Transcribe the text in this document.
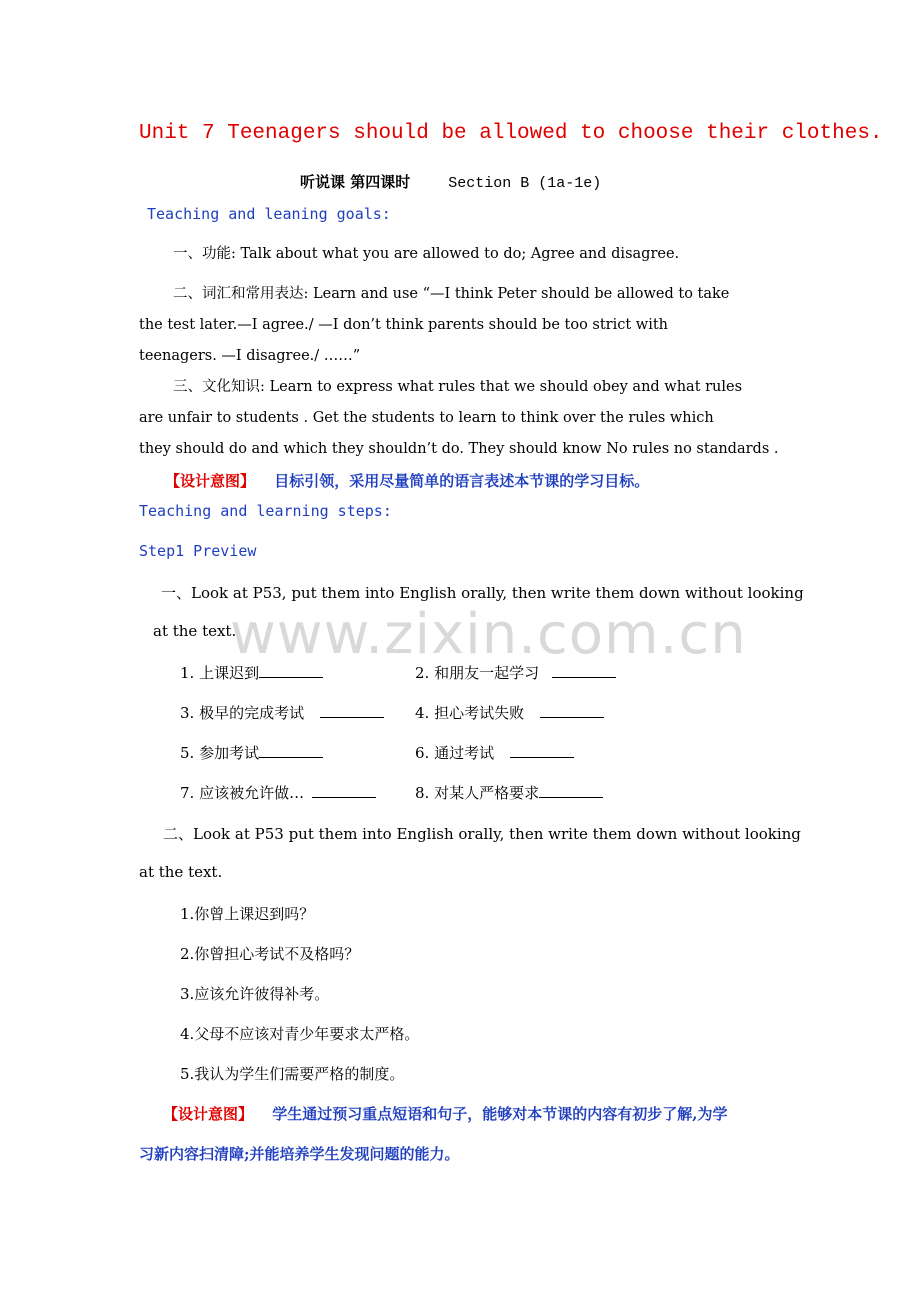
Unit 7 Teenagers should be allowed to choose their clothes.
听说课 第四课时	Section B (1a-1e)
Teaching and leaning goals:
一、功能: Talk about what you are allowed to do; Agree and disagree.
二、词汇和常用表达: Learn and use “—I think Peter should be allowed to take
the test later.—I agree./ —I don’t think parents should be too strict with
teenagers. —I disagree./ ……”
三、文化知识: Learn to express what rules that we should obey and what rules
are unfair to students . Get the students to learn to think over the rules which
they should do and which they shouldn’t do. They should know No rules no standards .
【设计意图】 目标引领，采用尽量简单的语言表述本节课的学习目标。
Teaching and learning steps:
Step1 Preview
一、Look at P53, put them into English orally, then write them down without looking
at the text.
1. 上课迟到	2. 和朋友一起学习
3. 极早的完成考试	4. 担心考试失败
5. 参加考试	6. 通过考试
7. 应该被允许做…	8. 对某人严格要求
二、Look at P53 put them into English orally, then write them down without looking
at the text.
1.你曾上课迟到吗？
2.你曾担心考试不及格吗？
3.应该允许彼得补考。
4.父母不应该对青少年要求太严格。
5.我认为学生们需要严格的制度。
【设计意图】 学生通过预习重点短语和句子，能够对本节课的内容有初步了解,为学
习新内容扫清障;并能培养学生发现问题的能力。
www.zixin.com.cn
